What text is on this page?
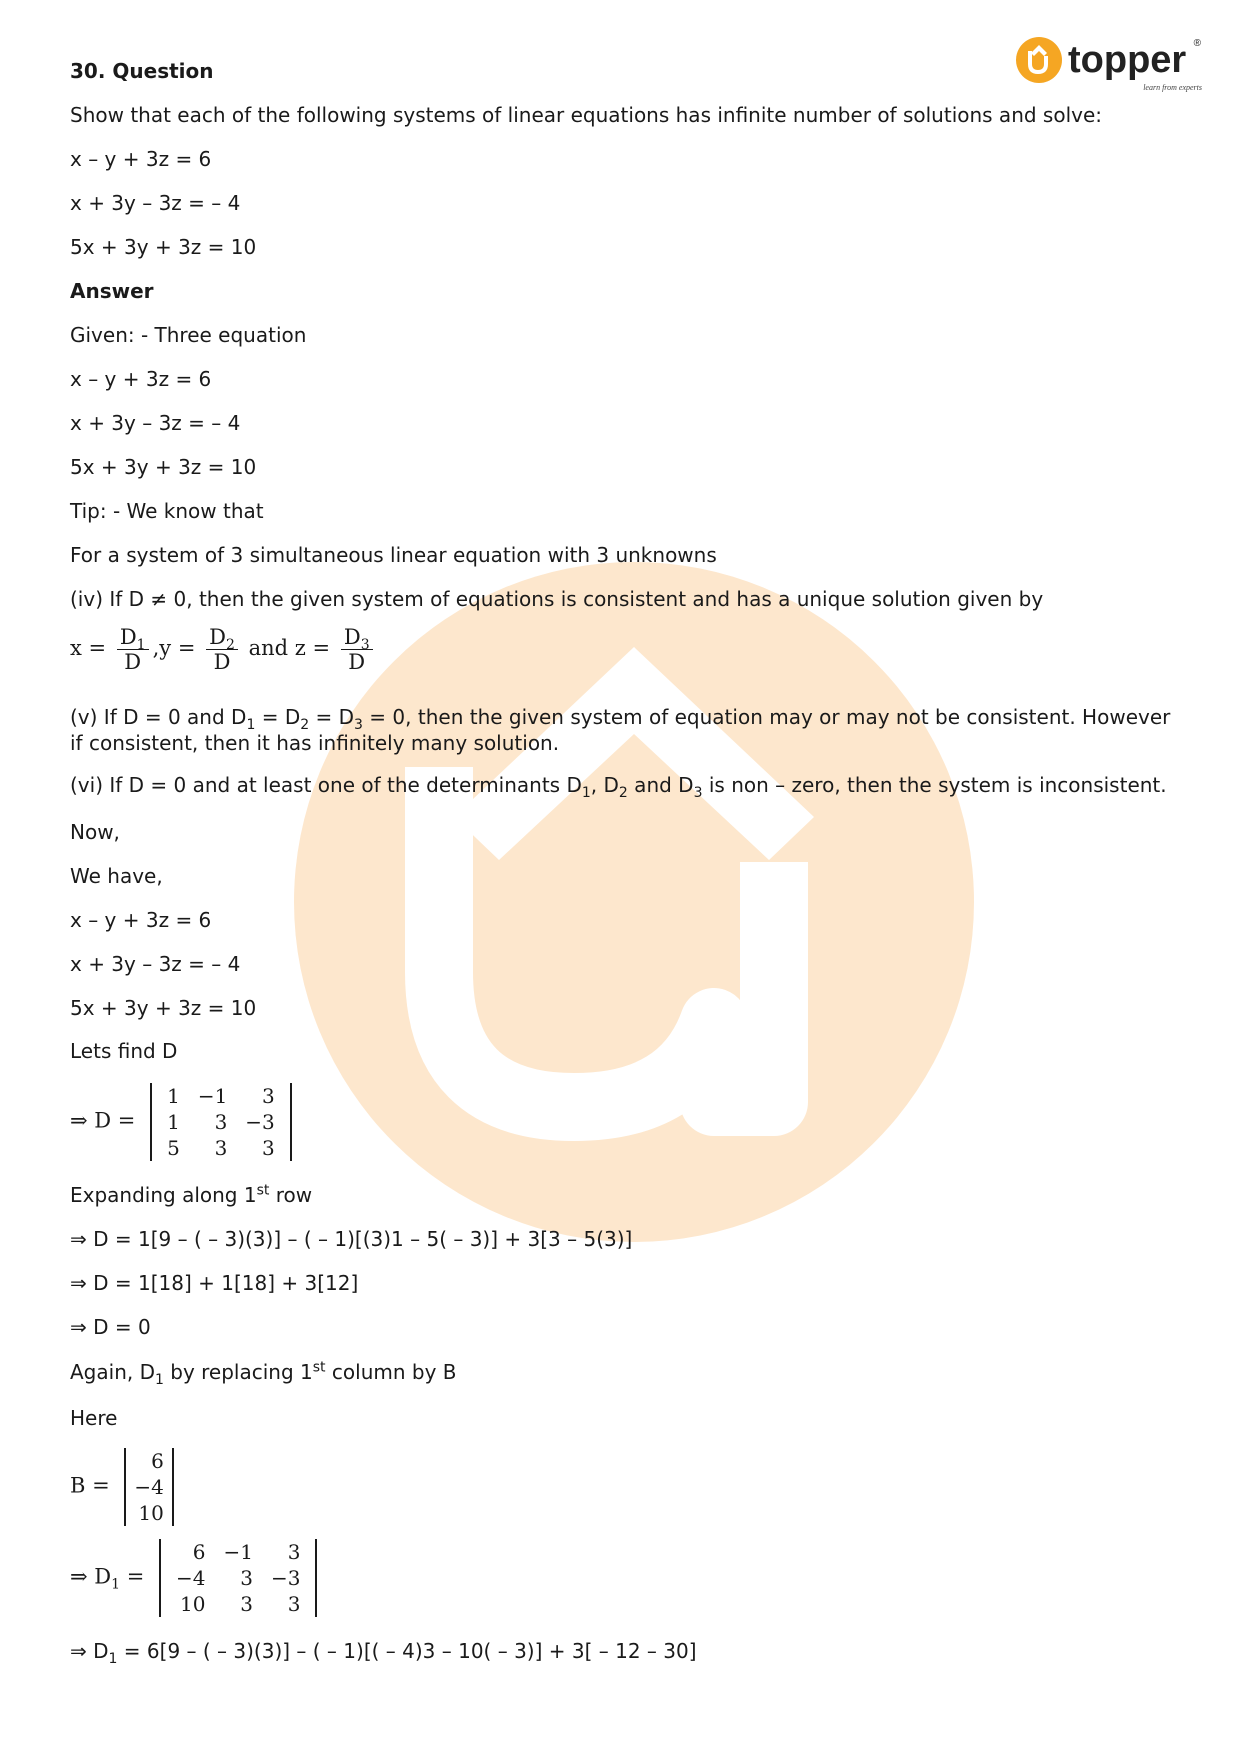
topper ®
learn from experts
30. Question
Show that each of the following systems of linear equations has infinite number of solutions and solve:
x – y + 3z = 6
x + 3y – 3z = – 4
5x + 3y + 3z = 10
Answer
Given: - Three equation
x – y + 3z = 6
x + 3y – 3z = – 4
5x + 3y + 3z = 10
Tip: - We know that
For a system of 3 simultaneous linear equation with 3 unknowns
(iv) If D ≠ 0, then the given system of equations is consistent and has a unique solution given by
$x = \frac{D_1}{D} ,y = \frac{D_2}{D}$ and $z = \frac{D_3}{D}$
(v) If D = 0 and $D_1 = D_2 = D_3 = 0$, then the given system of equation may or may not be consistent. However if consistent, then it has infinitely many solution.
(vi) If D = 0 and at least one of the determinants $D_1$, $D_2$ and $D_3$ is non – zero, then the system is inconsistent.
Now,
We have,
x – y + 3z = 6
x + 3y – 3z = – 4
5x + 3y + 3z = 10
Lets find D
⇒ D =
1	−1	3
1	3	−3
5	3	3
Expanding along 1st row
⇒ D = 1[9 – ( – 3)(3)] – ( – 1)[(3)1 – 5( – 3)] + 3[3 – 5(3)]
⇒ D = 1[18] + 1[18] + 3[12]
⇒ D = 0
Again, $D_1$ by replacing 1st column by B
Here
B =
6
−4
10
⇒ $D_1$ =
6	−1	3
−4	3	−3
10	3	3
⇒ $D_1 = 6[9$ – ( – 3)(3)] – ( – 1)[( – 4)3 – 10( – 3)] + 3[ – 12 – 30]
